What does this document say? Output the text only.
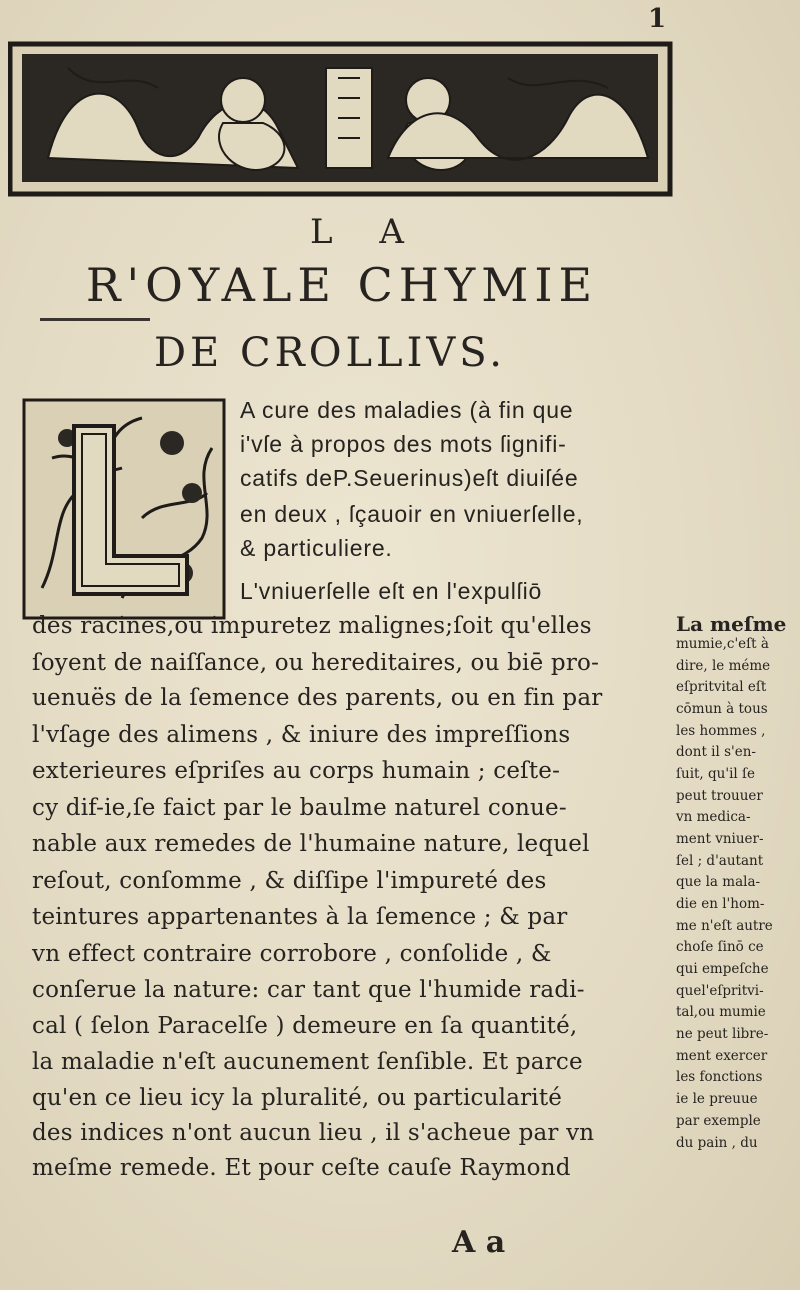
1
L A
R'OYALE CHYMIE
DE CROLLIVS.
A cure des maladies (à fin que
i'vſe à propos des mots ſignifi-
catifs deP.Seuerinus)eſt diuiſée
en deux , ſçauoir en vniuerſelle,
& particuliere.
L'vniuerſelle eſt en l'expulſiō
des racines,ou impuretez malignes;ſoit qu'elles
ſoyent de naiſſance, ou hereditaires, ou biē pro-
uenuës de la ſemence des parents, ou en fin par
l'vſage des alimens , & iniure des impreſſions
exterieures eſpriſes au corps humain ; ceſte-
cy dif-ie,ſe faict par le baulme naturel conue-
nable aux remedes de l'humaine nature, lequel
reſout, conſomme , & diſſipe l'impureté des
teintures appartenantes à la ſemence ; & par
vn effect contraire corrobore , conſolide , &
conſerue la nature: car tant que l'humide radi-
cal ( ſelon Paracelſe ) demeure en ſa quantité,
la maladie n'eſt aucunement ſenſible. Et parce
qu'en ce lieu icy la pluralité, ou particularité
des indices n'ont aucun lieu , il s'acheue par vn
meſme remede. Et pour ceſte cauſe Raymond
La meſme
mumie,c'eſt à
dire, le méme
eſpritvital eſt
cōmun à tous
les hommes ,
dont il s'en-
ſuit, qu'il ſe
peut trouuer
vn medica-
ment vniuer-
ſel ; d'autant
que la mala-
die en l'hom-
me n'eſt autre
choſe ſinō ce
qui empeſche
quel'eſpritvi-
tal,ou mumie
ne peut libre-
ment exercer
les fonctions
ie le preuue
par exemple
du pain , du
A a
